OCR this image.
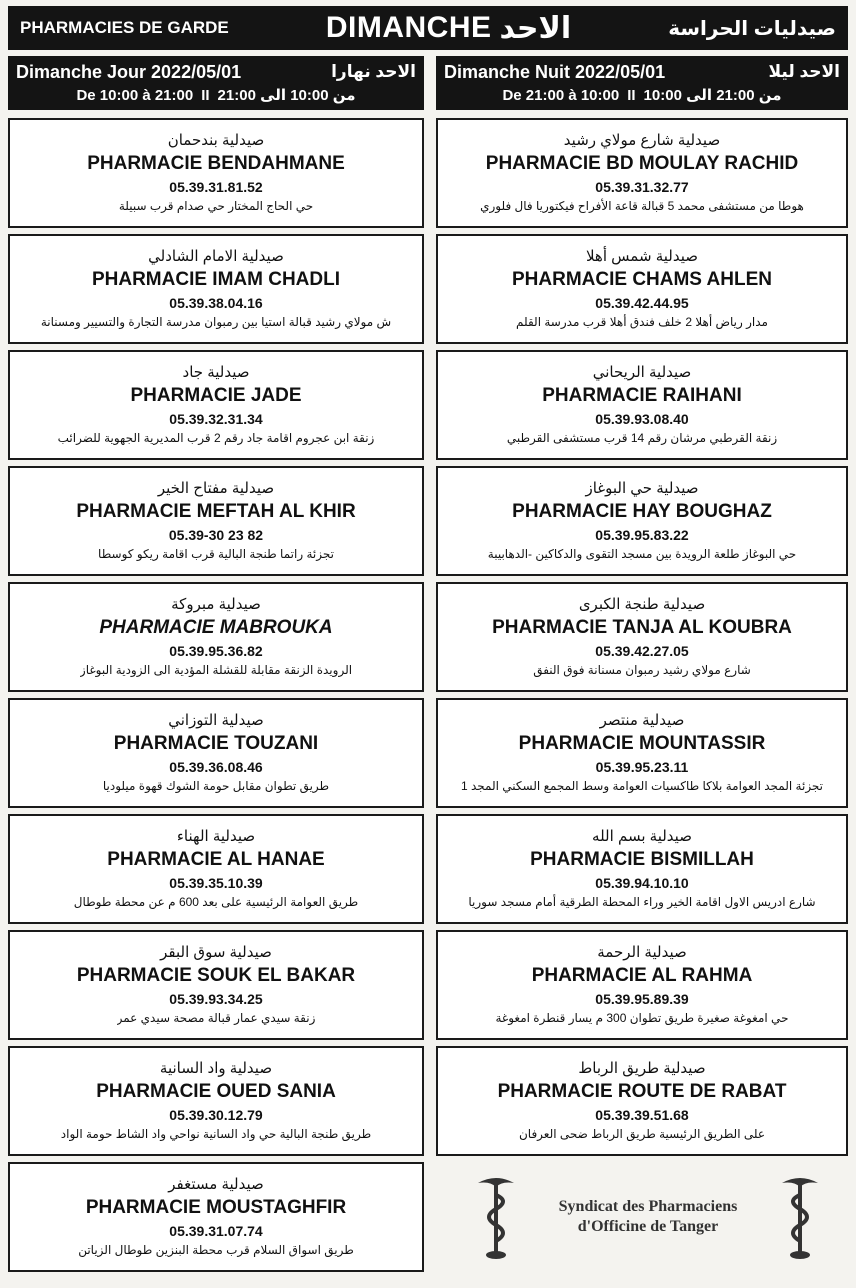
PHARMACIES DE GARDE	DIMANCHE الاحد	صيدليات الحراسة
Dimanche Jour 2022/05/01	الاحد نهارا
De 10:00 à 21:00 II من 10:00 الى 21:00
صيدلية بندحمان
PHARMACIE BENDAHMANE
05.39.31.81.52
حي الحاج المختار حي صدام قرب سبيلة
صيدلية الامام الشادلي
PHARMACIE IMAM CHADLI
05.39.38.04.16
ش مولاي رشيد قبالة استيا بين رمبوان مدرسة التجارة والتسيير ومسنانة
صيدلية جاد
PHARMACIE JADE
05.39.32.31.34
زنقة ابن عجروم اقامة جاد رقم 2 قرب المديرية الجهوية للضرائب
صيدلية مفتاح الخير
PHARMACIE MEFTAH AL KHIR
05.39-30 23 82
تجزئة راتما طنجة البالية قرب اقامة ريكو كوسطا
صيدلية مبروكة
PHARMACIE MABROUKA
05.39.95.36.82
الرويدة الزنقة مقابلة للقشلة المؤدية الى الزودية البوغاز
صيدلية التوزاني
PHARMACIE TOUZANI
05.39.36.08.46
طريق تطوان مقابل حومة الشوك قهوة ميلوديا
صيدلية الهناء
PHARMACIE AL HANAE
05.39.35.10.39
طريق العوامة الرئيسية على بعد 600 م عن محطة طوطال
صيدلية سوق البقر
PHARMACIE SOUK EL BAKAR
05.39.93.34.25
زنقة سيدي عمار قبالة مصحة سيدي عمر
صيدلية واد السانية
PHARMACIE OUED SANIA
05.39.30.12.79
طريق طنجة البالية حي واد السانية نواحي واد الشاط حومة الواد
صيدلية مستغفر
PHARMACIE MOUSTAGHFIR
05.39.31.07.74
طريق اسواق السلام قرب محطة البنزين طوطال الزياتن
Dimanche Nuit 2022/05/01	الاحد ليلا
De 21:00 à 10:00 II من 21:00 الى 10:00
صيدلية شارع مولاي رشيد
PHARMACIE BD MOULAY RACHID
05.39.31.32.77
هوطا من مستشفى محمد 5 قبالة قاعة الأفراح فيكتوريا فال فلوري
صيدلية شمس أهلا
PHARMACIE CHAMS AHLEN
05.39.42.44.95
مدار رياض أهلا 2 خلف فندق أهلا قرب مدرسة القلم
صيدلية الريحاني
PHARMACIE RAIHANI
05.39.93.08.40
زنقة القرطبي مرشان رقم 14 قرب مستشفى القرطبي
صيدلية حي البوغاز
PHARMACIE HAY BOUGHAZ
05.39.95.83.22
حي البوغاز طلعة الرويدة بين مسجد التقوى والدكاكين -الدهابيبة
صيدلية طنجة الكبرى
PHARMACIE TANJA AL KOUBRA
05.39.42.27.05
شارع مولاي رشيد رمبوان مسنانة فوق النفق
صيدلية منتصر
PHARMACIE MOUNTASSIR
05.39.95.23.11
تجزئة المجد العوامة بلاكا طاكسيات العوامة وسط المجمع السكني المجد 1
صيدلية بسم الله
PHARMACIE BISMILLAH
05.39.94.10.10
شارع ادريس الاول اقامة الخير وراء المحطة الطرقية أمام مسجد سوريا
صيدلية الرحمة
PHARMACIE AL RAHMA
05.39.95.89.39
حي امغوغة صغيرة طريق تطوان 300 م يسار قنطرة امغوغة
صيدلية طريق الرباط
PHARMACIE ROUTE DE RABAT
05.39.39.51.68
على الطريق الرئيسية طريق الرباط ضحى العرفان
Syndicat des Pharmaciens
d'Officine de Tanger
